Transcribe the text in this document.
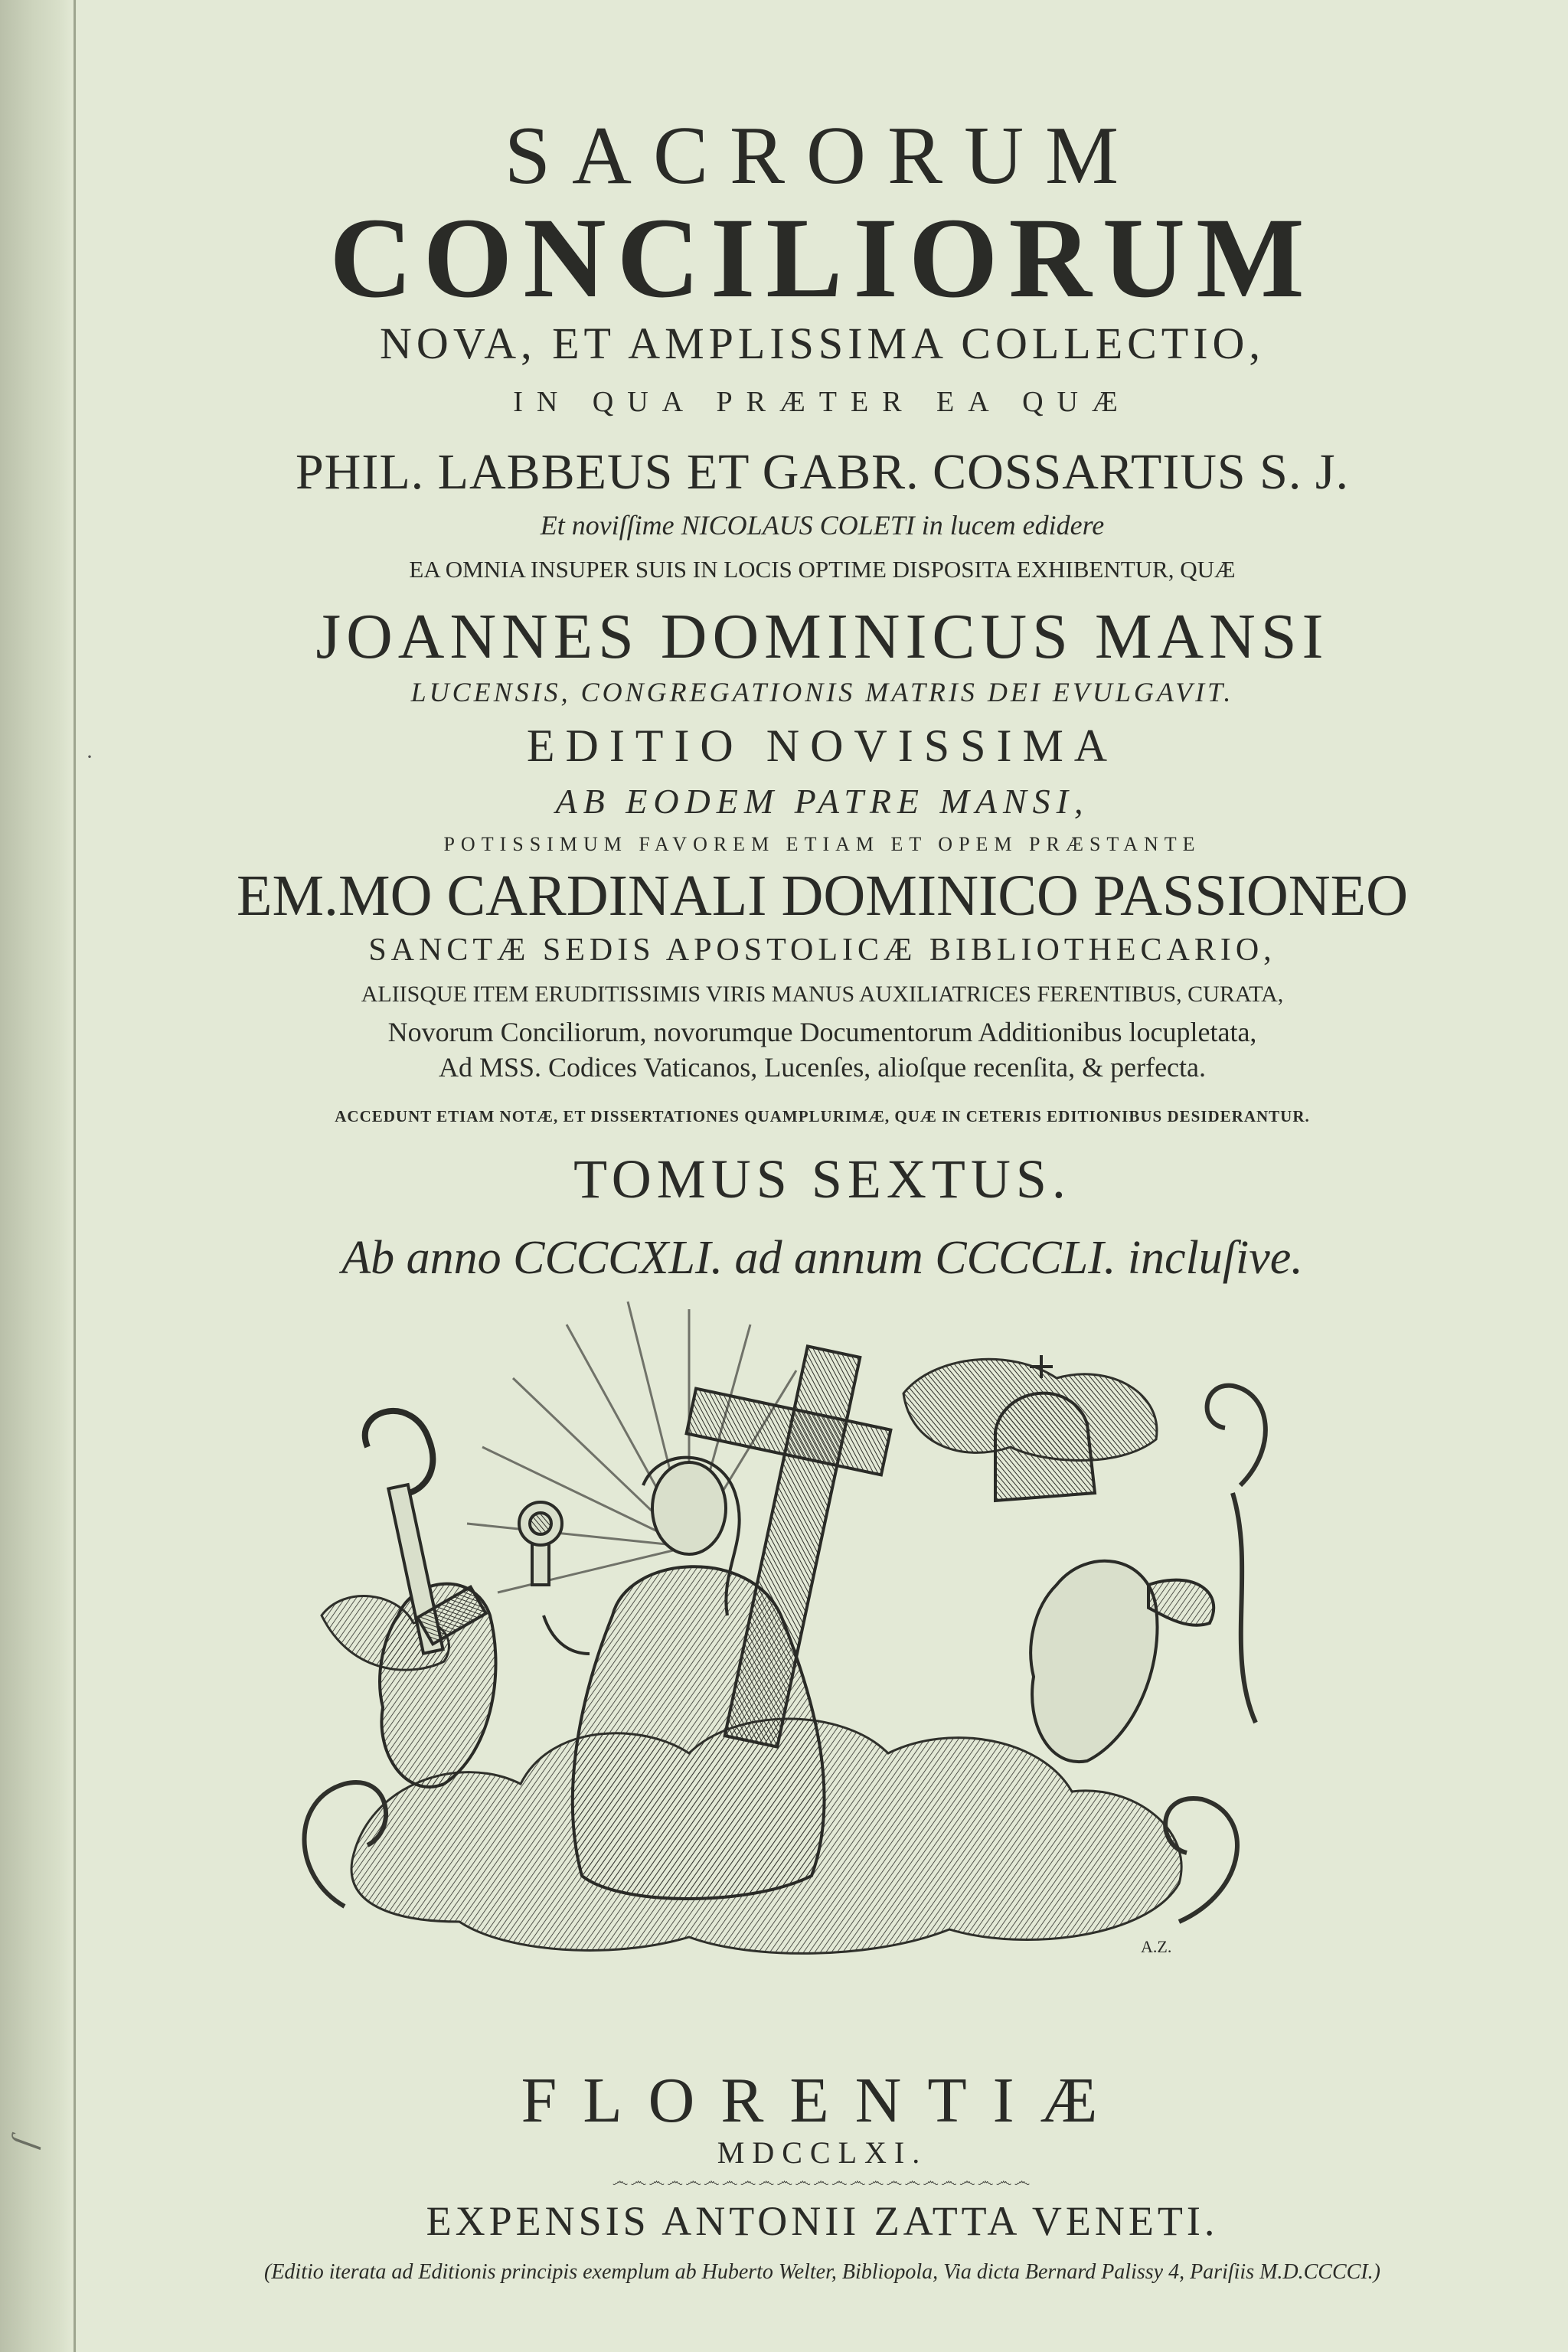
ſ
·
SACRORUM
CONCILIORUM
NOVA, ET AMPLISSIMA COLLECTIO,
IN QUA PRÆTER EA QUÆ
PHIL. LABBEUS ET GABR. COSSARTIUS S. J.
Et noviſſime NICOLAUS COLETI in lucem edidere
EA OMNIA INSUPER SUIS IN LOCIS OPTIME DISPOSITA EXHIBENTUR, QUÆ
JOANNES DOMINICUS MANSI
LUCENSIS, CONGREGATIONIS MATRIS DEI EVULGAVIT.
EDITIO NOVISSIMA
AB EODEM PATRE MANSI,
POTISSIMUM FAVOREM ETIAM ET OPEM PRÆSTANTE
EM.MO CARDINALI DOMINICO PASSIONEO
SANCTÆ SEDIS APOSTOLICÆ BIBLIOTHECARIO,
ALIISQUE ITEM ERUDITISSIMIS VIRIS MANUS AUXILIATRICES FERENTIBUS, CURATA,
Novorum Conciliorum, novorumque Documentorum Additionibus locupletata,
Ad MSS. Codices Vaticanos, Lucenſes, alioſque recenſita, & perfecta.
ACCEDUNT ETIAM NOTÆ, ET DISSERTATIONES QUAMPLURIMÆ, QUÆ IN CETERIS EDITIONIBUS DESIDERANTUR.
TOMUS SEXTUS.
Ab anno CCCCXLI. ad annum CCCCLI. incluſive.
A.Z.
FLORENTIÆ
MDCCLXI.
෴෴෴෴෴෴෴෴෴෴෴෴෴෴෴෴෴෴෴෴෴෴෴
EXPENSIS ANTONII ZATTA VENETI.
(Editio iterata ad Editionis principis exemplum ab Huberto Welter, Bibliopola, Via dicta Bernard Palissy 4, Pariſiis M.D.CCCCI.)
